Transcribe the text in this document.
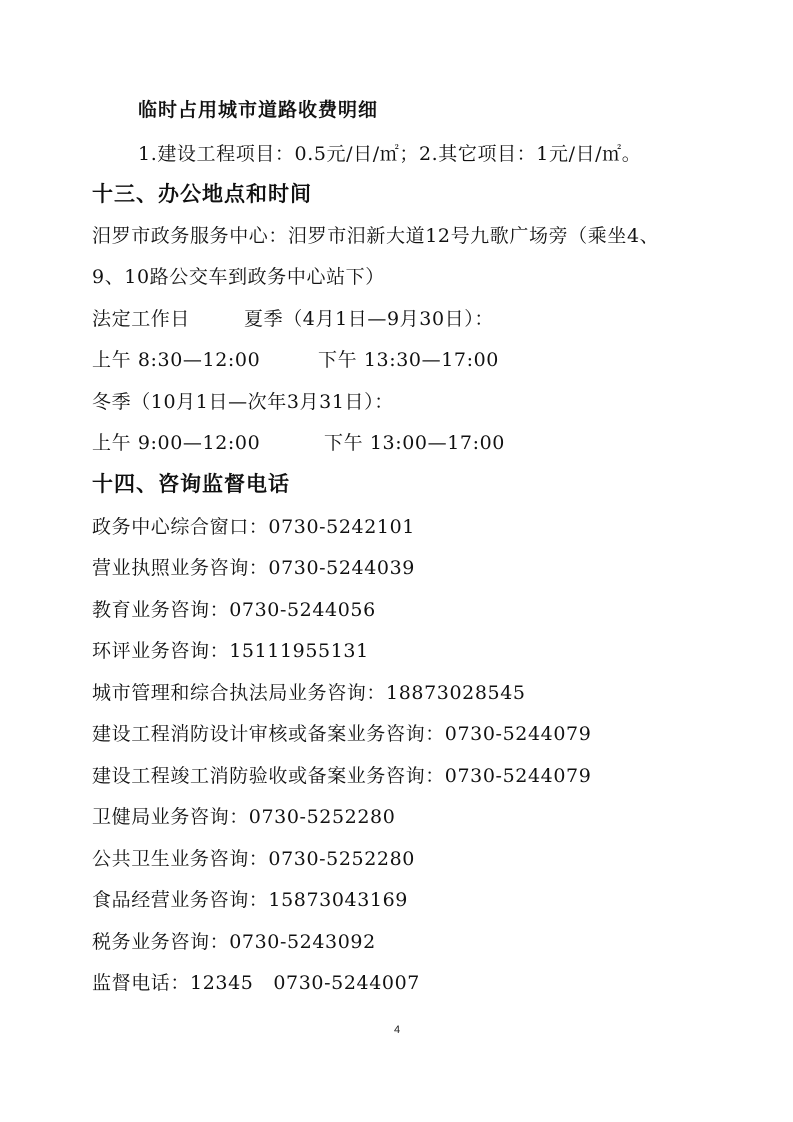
临时占用城市道路收费明细
1.建设工程项目：0.5元/日/㎡；2.其它项目：1元/日/㎡。
十三、办公地点和时间
汨罗市政务服务中心：汨罗市汨新大道12号九歌广场旁（乘坐4、
9、10路公交车到政务中心站下）
法定工作日	夏季（4月1日—9月30日）：
上午 8:30—12:00	下午 13:30—17:00
冬季（10月1日—次年3月31日）：
上午 9:00—12:00	下午 13:00—17:00
十四、咨询监督电话
政务中心综合窗口：0730-5242101
营业执照业务咨询：0730-5244039
教育业务咨询：0730-5244056
环评业务咨询：15111955131
城市管理和综合执法局业务咨询：18873028545
建设工程消防设计审核或备案业务咨询：0730-5244079
建设工程竣工消防验收或备案业务咨询：0730-5244079
卫健局业务咨询：0730-5252280
公共卫生业务咨询：0730-5252280
食品经营业务咨询：15873043169
税务业务咨询：0730-5243092
监督电话：12345   0730-5244007
4
